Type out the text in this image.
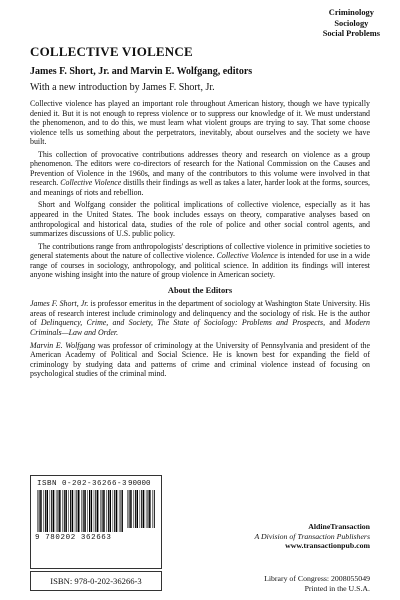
Criminology
Sociology
Social Problems
COLLECTIVE VIOLENCE
James F. Short, Jr. and Marvin E. Wolfgang, editors
With a new introduction by James F. Short, Jr.

Collective violence has played an important role throughout American history, though we have typically denied it. But it is not enough to repress violence or to suppress our knowledge of it. We must understand the phenomenon, and to do this, we must learn what violent groups are trying to say. That some choose violence tells us something about the perpetrators, inevitably, about ourselves and the society we have built.

This collection of provocative contributions addresses theory and research on violence as a group phenomenon. The editors were co-directors of research for the National Commission on the Causes and Prevention of Violence in the 1960s, and many of the contributors to this volume were involved in that research. Collective Violence distills their findings as well as takes a later, harder look at the forms, sources, and meanings of riots and rebellion.

Short and Wolfgang consider the political implications of collective violence, especially as it has appeared in the United States. The book includes essays on theory, comparative analyses based on anthropological and historical data, studies of the role of police and other social control agents, and summarizes discussions of U.S. public policy.

The contributions range from anthropologists' descriptions of collective violence in primitive societies to general statements about the nature of collective violence. Collective Violence is intended for use in a wide range of courses in sociology, anthropology, and political science. In addition its findings will interest anyone wishing insight into the nature of group violence in American society.

About the Editors

James F. Short, Jr. is professor emeritus in the department of sociology at Washington State University. His areas of research interest include criminology and delinquency and the sociology of risk. He is the author of Delinquency, Crime, and Society, The State of Sociology: Problems and Prospects, and Modern Criminals—Law and Order.

Marvin E. Wolfgang was professor of criminology at the University of Pennsylvania and president of the American Academy of Political and Social Science. He is known best for expanding the field of criminology by studying data and patterns of crime and criminal violence instead of focusing on psychological studies of the criminal mind.

ISBN 0-202-36266-3 90000
9 780202 362663
ISBN: 978-0-202-36266-3
AldineTransaction
A Division of Transaction Publishers
www.transactionpub.com
Library of Congress: 2008055049
Printed in the U.S.A.
